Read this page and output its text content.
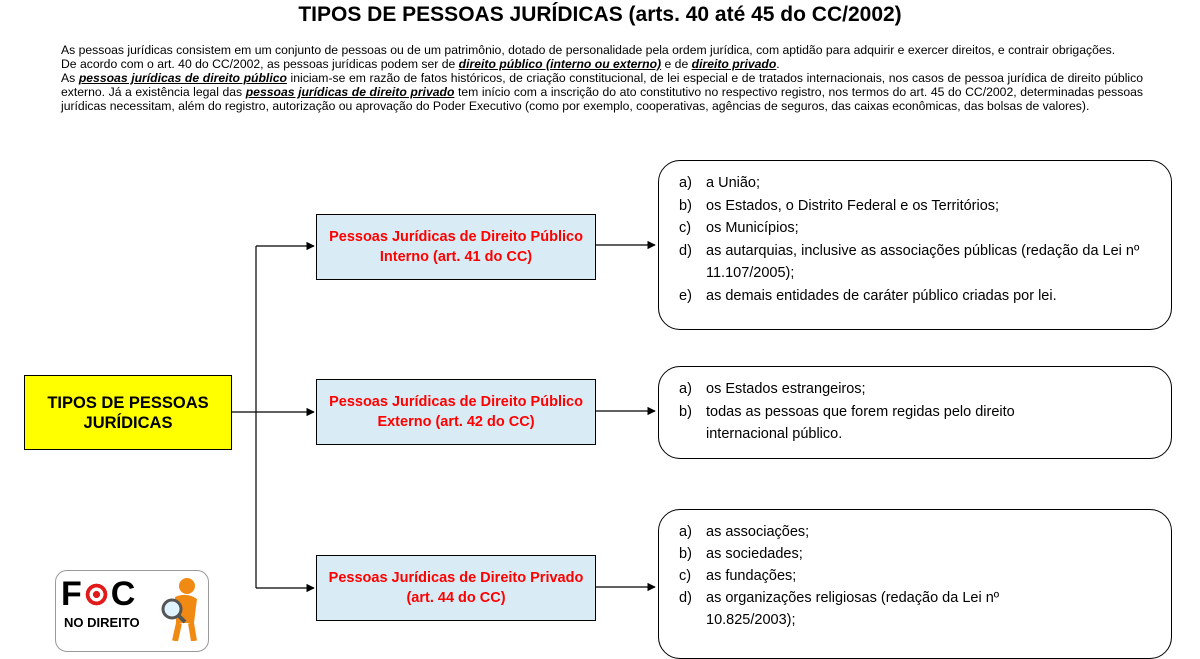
TIPOS DE PESSOAS JURÍDICAS (arts. 40 até 45 do CC/2002)

As pessoas jurídicas consistem em um conjunto de pessoas ou de um patrimônio, dotado de personalidade pela ordem jurídica, com aptidão para adquirir e exercer direitos, e contrair obrigações.

De acordo com o art. 40 do CC/2002, as pessoas jurídicas podem ser de direito público (interno ou externo) e de direito privado.

As pessoas jurídicas de direito público iniciam-se em razão de fatos históricos, de criação constitucional, de lei especial e de tratados internacionais, nos casos de pessoa jurídica de direito público externo. Já a existência legal das pessoas jurídicas de direito privado tem início com a inscrição do ato constitutivo no respectivo registro, nos termos do art. 45 do CC/2002, determinadas pessoas jurídicas necessitam, além do registro, autorização ou aprovação do Poder Executivo (como por exemplo, cooperativas, agências de seguros, das caixas econômicas, das bolsas de valores).

TIPOS DE PESSOAS JURÍDICAS
Pessoas Jurídicas de Direito Público Interno (art. 41 do CC)
Pessoas Jurídicas de Direito Público Externo (art. 42 do CC)
Pessoas Jurídicas de Direito Privado (art. 44 do CC)
a) a União;
b) os Estados, o Distrito Federal e os Territórios;
c)	os Municípios;
d) as autarquias, inclusive as associações públicas (redação da Lei nº 11.107/2005);
e) as demais entidades de caráter público criadas por lei.
a) os Estados estrangeiros;
b) todas as pessoas que forem regidas pelo direito internacional público.
a) as associações;
b) as sociedades;
c)	as fundações;
d) as organizações religiosas (redação da Lei nº 10.825/2003);
F C
NO DIREITO
